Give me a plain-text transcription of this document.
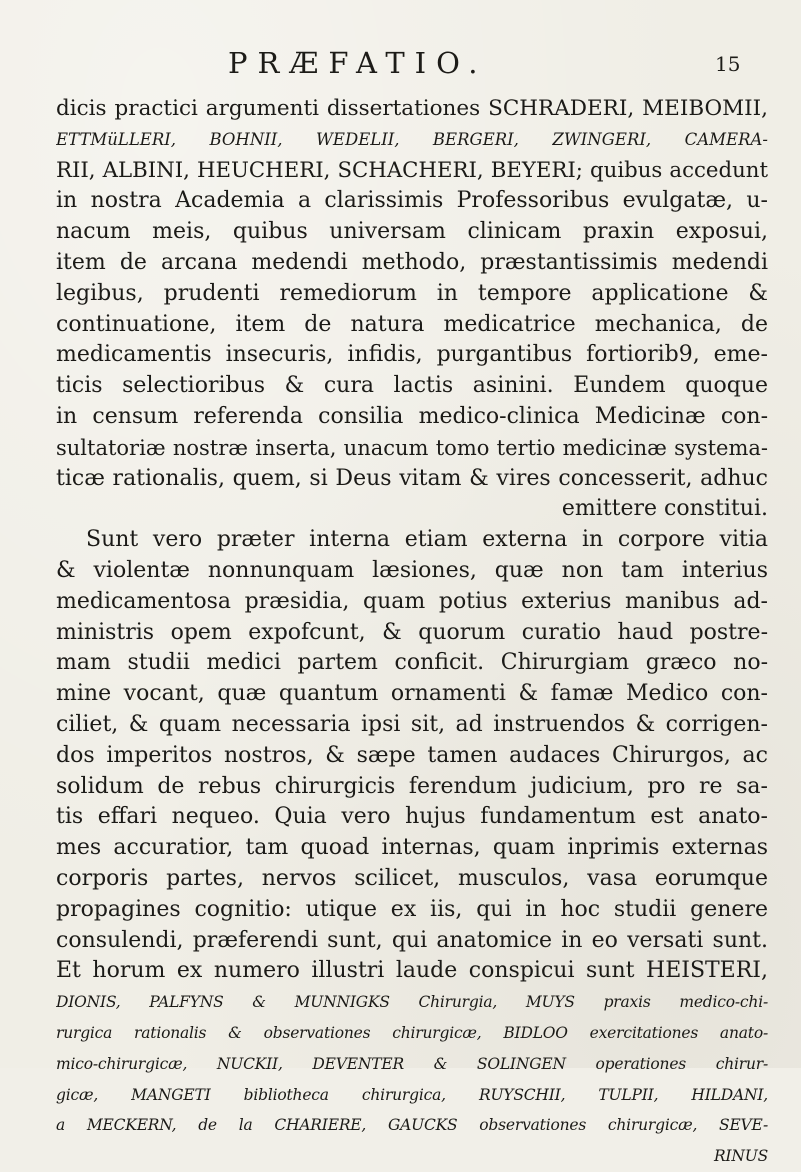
PRÆFATIO.	15
dicis practici argumenti dissertationes SCHRADERI, MEIBOMII,
ETTMüLLERI, BOHNII, WEDELII, BERGERI, ZWINGERI, CAMERA-
RII, ALBINI, HEUCHERI, SCHACHERI, BEYERI; quibus accedunt
in nostra Academia a clarissimis Professoribus evulgatæ, u-
nacum meis, quibus universam clinicam praxin exposui,
item de arcana medendi methodo, præstantissimis medendi
legibus, prudenti remediorum in tempore applicatione &
continuatione, item de natura medicatrice mechanica, de
medicamentis insecuris, infidis, purgantibus fortiorib9, eme-
ticis selectioribus & cura lactis asinini. Eundem quoque
in censum referenda consilia medico-clinica Medicinæ con-
sultatoriæ nostræ inserta, unacum tomo tertio medicinæ systema-
ticæ rationalis, quem, si Deus vitam & vires concesserit, adhuc
emittere constitui.
Sunt vero præter interna etiam externa in corpore vitia
& violentæ nonnunquam læsiones, quæ non tam interius
medicamentosa præsidia, quam potius exterius manibus ad-
ministris opem expofcunt, & quorum curatio haud postre-
mam studii medici partem conficit. Chirurgiam græco no-
mine vocant, quæ quantum ornamenti & famæ Medico con-
ciliet, & quam necessaria ipsi sit, ad instruendos & corrigen-
dos imperitos nostros, & sæpe tamen audaces Chirurgos, ac
solidum de rebus chirurgicis ferendum judicium, pro re sa-
tis effari nequeo. Quia vero hujus fundamentum est anato-
mes accuratior, tam quoad internas, quam inprimis externas
corporis partes, nervos scilicet, musculos, vasa eorumque
propagines cognitio: utique ex iis, qui in hoc studii genere
consulendi, præferendi sunt, qui anatomice in eo versati sunt.
Et horum ex numero illustri laude conspicui sunt HEISTERI,
DIONIS, PALFYNS & MUNNIGKS Chirurgia, MUYS praxis medico-chi-
rurgica rationalis & observationes chirurgicæ, BIDLOO exercitationes anato-
mico-chirurgicæ, NUCKII, DEVENTER & SOLINGEN operationes chirur-
gicæ, MANGETI bibliotheca chirurgica, RUYSCHII, TULPII, HILDANI,
a MECKERN, de la CHARIERE, GAUCKS observationes chirurgicæ, SEVE-
RINUS
